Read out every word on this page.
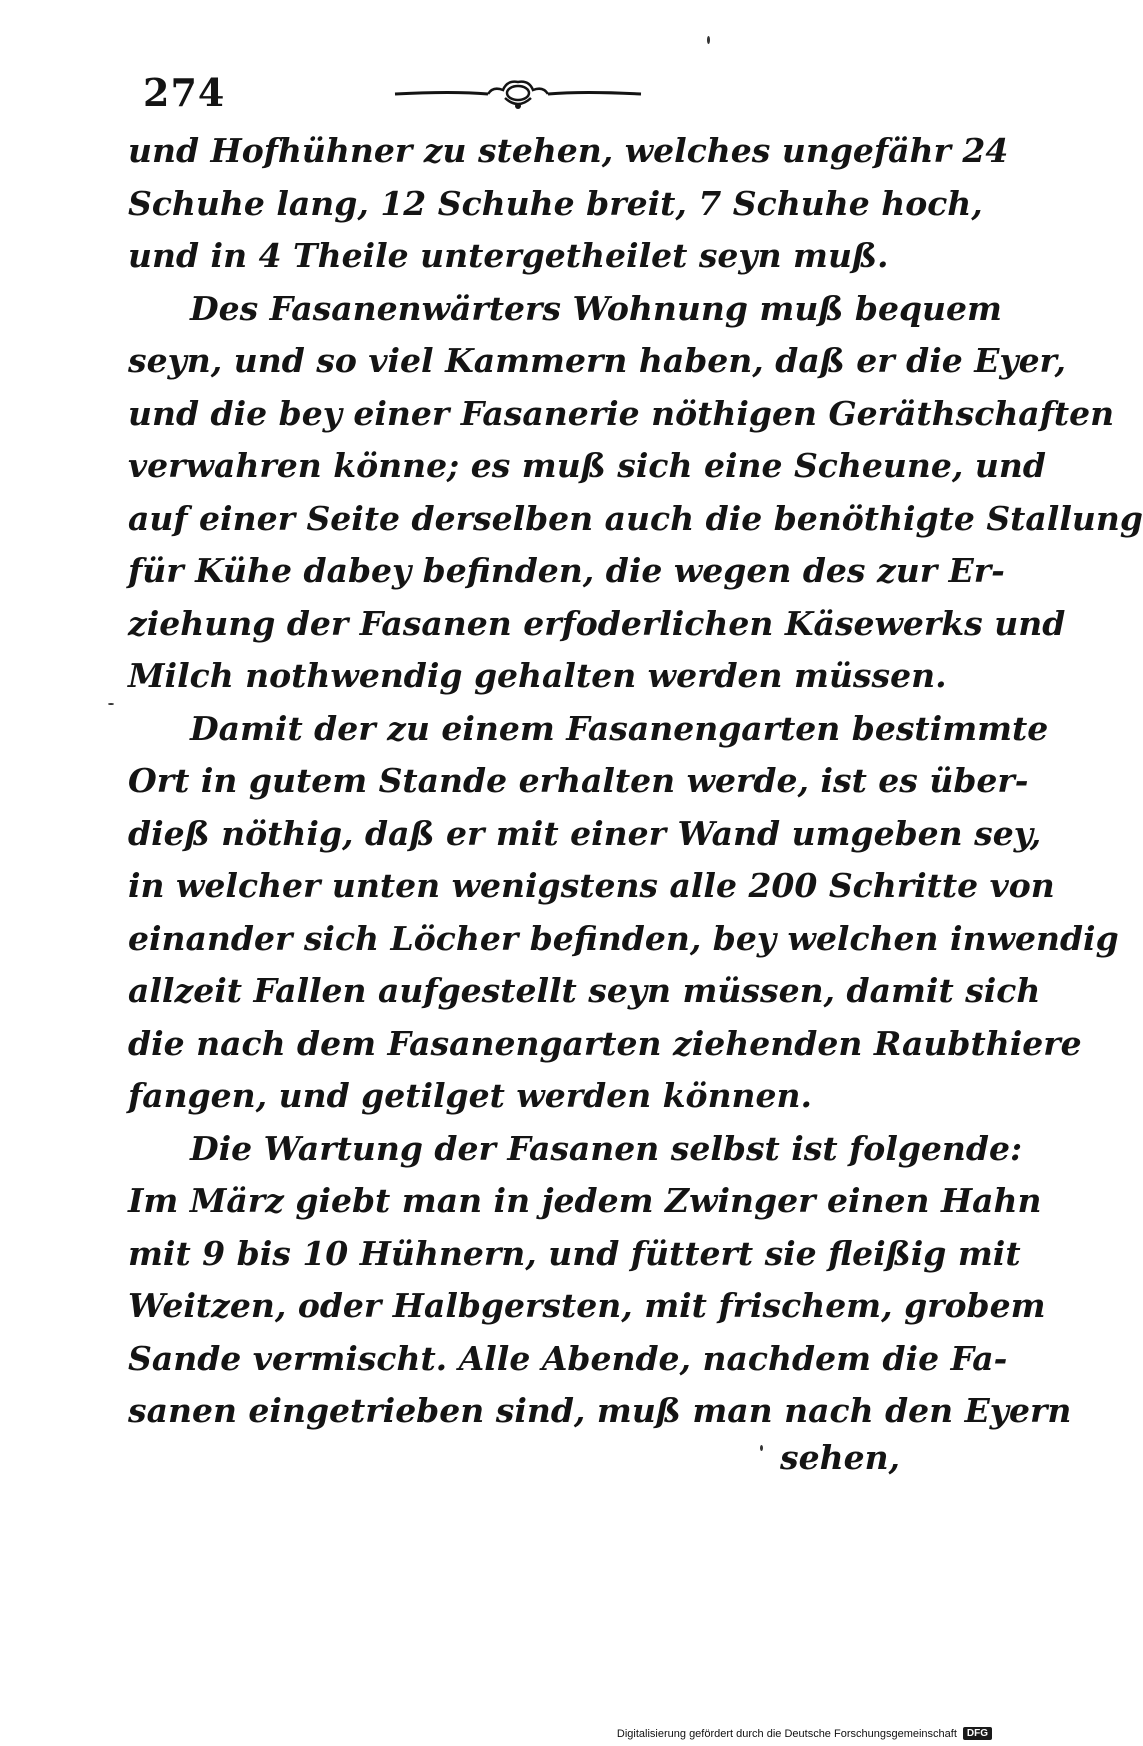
274
und Hofhühner zu stehen, welches ungefähr 24
Schuhe lang, 12 Schuhe breit, 7 Schuhe hoch,
und in 4 Theile untergetheilet seyn muß.
Des Fasanenwärters Wohnung muß bequem
seyn, und so viel Kammern haben, daß er die Eyer,
und die bey einer Fasanerie nöthigen Geräthschaften
verwahren könne; es muß sich eine Scheune, und
auf einer Seite derselben auch die benöthigte Stallung
für Kühe dabey befinden, die wegen des zur Er-
ziehung der Fasanen erfoderlichen Käsewerks und
Milch nothwendig gehalten werden müssen.
Damit der zu einem Fasanengarten bestimmte
Ort in gutem Stande erhalten werde, ist es über-
dieß nöthig, daß er mit einer Wand umgeben sey,
in welcher unten wenigstens alle 200 Schritte von
einander sich Löcher befinden, bey welchen inwendig
allzeit Fallen aufgestellt seyn müssen, damit sich
die nach dem Fasanengarten ziehenden Raubthiere
fangen, und getilget werden können.
Die Wartung der Fasanen selbst ist folgende:
Im März giebt man in jedem Zwinger einen Hahn
mit 9 bis 10 Hühnern, und füttert sie fleißig mit
Weitzen, oder Halbgersten, mit frischem, grobem
Sande vermischt. Alle Abende, nachdem die Fa-
sanen eingetrieben sind, muß man nach den Eyern
sehen,
Digitalisierung gefördert durch die Deutsche Forschungsgemeinschaft	DFG
